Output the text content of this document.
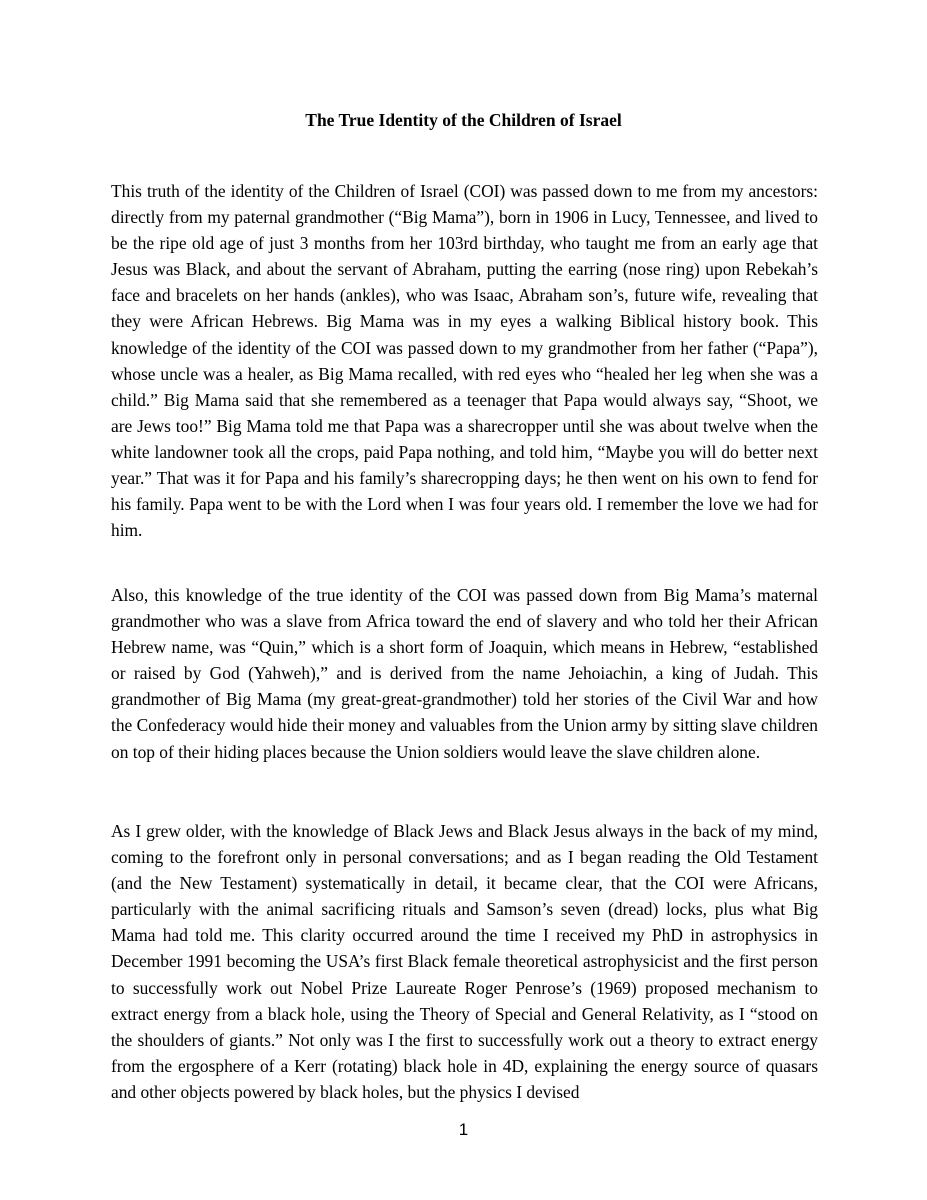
The True Identity of the Children of Israel

This truth of the identity of the Children of Israel (COI) was passed down to me from my ancestors: directly from my paternal grandmother (“Big Mama”), born in 1906 in Lucy, Tennessee, and lived to be the ripe old age of just 3 months from her 103rd birthday, who taught me from an early age that Jesus was Black, and about the servant of Abraham, putting the earring (nose ring) upon Rebekah’s face and bracelets on her hands (ankles), who was Isaac, Abraham son’s, future wife, revealing that they were African Hebrews. Big Mama was in my eyes a walking Biblical history book. This knowledge of the identity of the COI was passed down to my grandmother from her father (“Papa”), whose uncle was a healer, as Big Mama recalled, with red eyes who “healed her leg when she was a child.” Big Mama said that she remembered as a teenager that Papa would always say, “Shoot, we are Jews too!” Big Mama told me that Papa was a sharecropper until she was about twelve when the white landowner took all the crops, paid Papa nothing, and told him, “Maybe you will do better next year.” That was it for Papa and his family’s sharecropping days; he then went on his own to fend for his family. Papa went to be with the Lord when I was four years old. I remember the love we had for him.

Also, this knowledge of the true identity of the COI was passed down from Big Mama’s maternal grandmother who was a slave from Africa toward the end of slavery and who told her their African Hebrew name, was “Quin,” which is a short form of Joaquin, which means in Hebrew, “established or raised by God (Yahweh),” and is derived from the name Jehoiachin, a king of Judah. This grandmother of Big Mama (my great-great-grandmother) told her stories of the Civil War and how the Confederacy would hide their money and valuables from the Union army by sitting slave children on top of their hiding places because the Union soldiers would leave the slave children alone.

As I grew older, with the knowledge of Black Jews and Black Jesus always in the back of my mind, coming to the forefront only in personal conversations; and as I began reading the Old Testament (and the New Testament) systematically in detail, it became clear, that the COI were Africans, particularly with the animal sacrificing rituals and Samson’s seven (dread) locks, plus what Big Mama had told me. This clarity occurred around the time I received my PhD in astrophysics in December 1991 becoming the USA’s first Black female theoretical astrophysicist and the first person to successfully work out Nobel Prize Laureate Roger Penrose’s (1969) proposed mechanism to extract energy from a black hole, using the Theory of Special and General Relativity, as I “stood on the shoulders of giants.” Not only was I the first to successfully work out a theory to extract energy from the ergosphere of a Kerr (rotating) black hole in 4D, explaining the energy source of quasars and other objects powered by black holes, but the physics I devised

1
